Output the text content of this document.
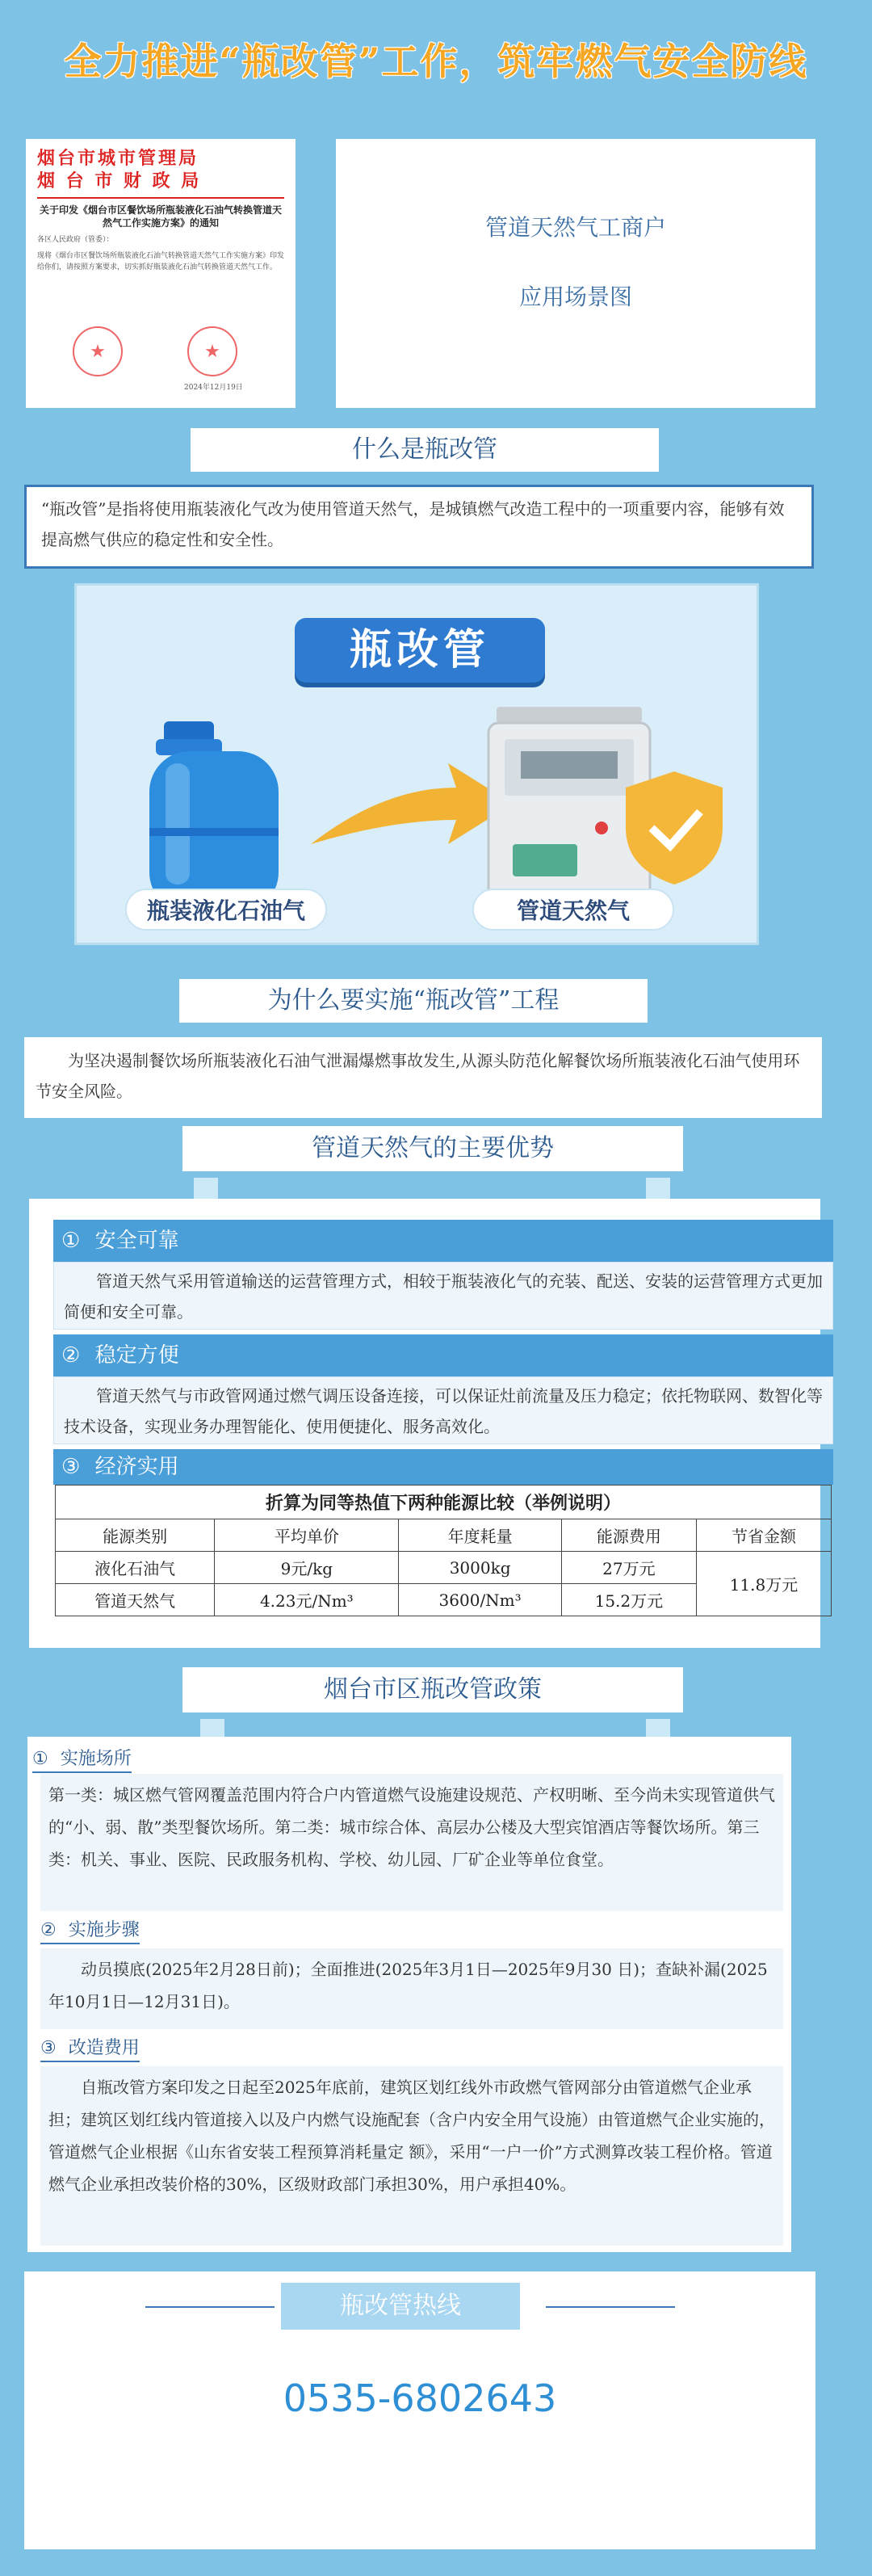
全力推进“瓶改管”工作，筑牢燃气安全防线
烟台市城市管理局
烟 台 市 财 政 局
关于印发《烟台市区餐饮场所瓶装液化石油气转换管道天然气工作实施方案》的通知
各区人民政府（管委）：
现将《烟台市区餐饮场所瓶装液化石油气转换管道天然气工作实施方案》印发给你们，请按照方案要求，切实抓好瓶装液化石油气转换管道天然气工作。
★	★
2024年12月19日
管道天然气工商户
应用场景图
什么是瓶改管
“瓶改管”是指将使用瓶装液化气改为使用管道天然气，是城镇燃气改造工程中的一项重要内容，能够有效提高燃气供应的稳定性和安全性。
瓶改管
瓶装液化石油气	管道天然气
为什么要实施“瓶改管”工程
为坚决遏制餐饮场所瓶装液化石油气泄漏爆燃事故发生,从源头防范化解餐饮场所瓶装液化石油气使用环节安全风险。
管道天然气的主要优势
① 安全可靠
管道天然气采用管道输送的运营管理方式，相较于瓶装液化气的充装、配送、安装的运营管理方式更加简便和安全可靠。
② 稳定方便
管道天然气与市政管网通过燃气调压设备连接，可以保证灶前流量及压力稳定；依托物联网、数智化等技术设备，实现业务办理智能化、使用便捷化、服务高效化。
③ 经济实用
折算为同等热值下两种能源比较（举例说明）				
能源类别	平均单价	年度耗量	能源费用	节省金额
液化石油气	9元/kg	3000kg	27万元	11.8万元
管道天然气	4.23元/Nm³	3600/Nm³	15.2万元	
烟台市区瓶改管政策
① 实施场所
第一类：城区燃气管网覆盖范围内符合户内管道燃气设施建设规范、产权明晰、至今尚未实现管道供气的“小、弱、散”类型餐饮场所。第二类：城市综合体、高层办公楼及大型宾馆酒店等餐饮场所。第三类：机关、事业、医院、民政服务机构、学校、幼儿园、厂矿企业等单位食堂。
② 实施步骤
动员摸底(2025年2月28日前)；全面推进(2025年3月1日—2025年9月30 日)；查缺补漏(2025 年10月1日—12月31日)。
③ 改造费用
自瓶改管方案印发之日起至2025年底前，建筑区划红线外市政燃气管网部分由管道燃气企业承担；建筑区划红线内管道接入以及户内燃气设施配套（含户内安全用气设施）由管道燃气企业实施的，管道燃气企业根据《山东省安装工程预算消耗量定 额》，采用“一户一价”方式测算改装工程价格。管道燃气企业承担改装价格的30%，区级财政部门承担30%，用户承担40%。
瓶改管热线
0535-6802643
